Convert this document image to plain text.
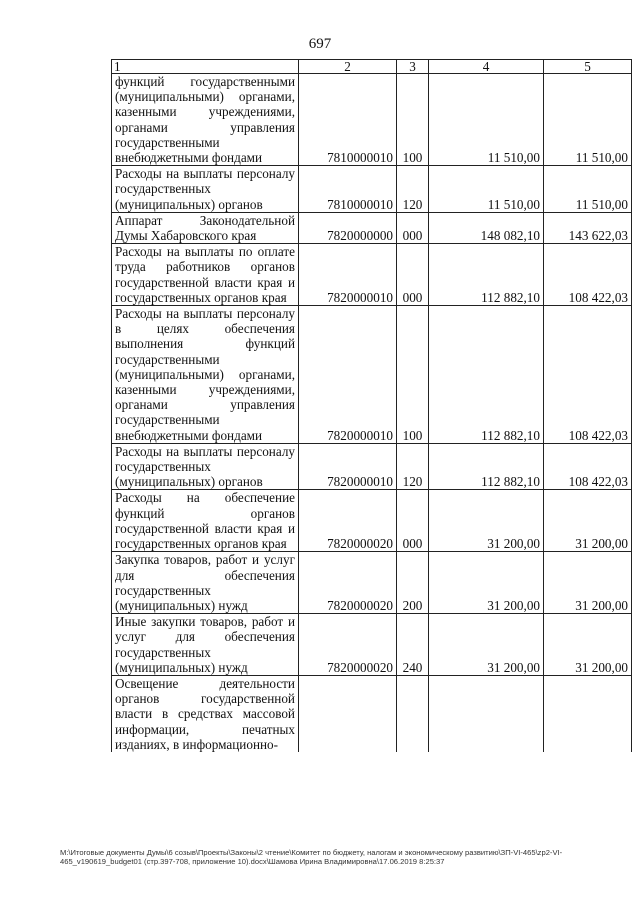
697
1	2	3	4	5
функций государственными (муниципальными) органами, казенными учреждениями, органами управления государственными внебюджетными фондами	7810000010	100	11 510,00	11 510,00
Расходы на выплаты персоналу государственных (муниципальных) органов	7810000010	120	11 510,00	11 510,00
Аппарат Законодательной Думы Хабаровского края	7820000000	000	148 082,10	143 622,03
Расходы на выплаты по оплате труда работников органов государственной власти края и государственных органов края	7820000010	000	112 882,10	108 422,03
Расходы на выплаты персоналу в целях обеспечения выполнения функций государственными (муниципальными) органами, казенными учреждениями, органами управления государственными внебюджетными фондами	7820000010	100	112 882,10	108 422,03
Расходы на выплаты персоналу государственных (муниципальных) органов	7820000010	120	112 882,10	108 422,03
Расходы на обеспечение функций органов государственной власти края и государственных органов края	7820000020	000	31 200,00	31 200,00
Закупка товаров, работ и услуг для обеспечения государственных (муниципальных) нужд	7820000020	200	31 200,00	31 200,00
Иные закупки товаров, работ и услуг для обеспечения государственных (муниципальных) нужд	7820000020	240	31 200,00	31 200,00
Освещение деятельности органов государственной власти в средствах массовой информации, печатных изданиях, в информационно-				
M:\Итоговые документы Думы\6 созыв\Проекты\Законы\2 чтение\Комитет по бюджету, налогам и экономическому развитию\ЗП-VI-465\zp2-VI-465_v190619_budget01 (стр.397-708, приложение 10).docx\Шамова Ирина Владимировна\17.06.2019 8:25:37
